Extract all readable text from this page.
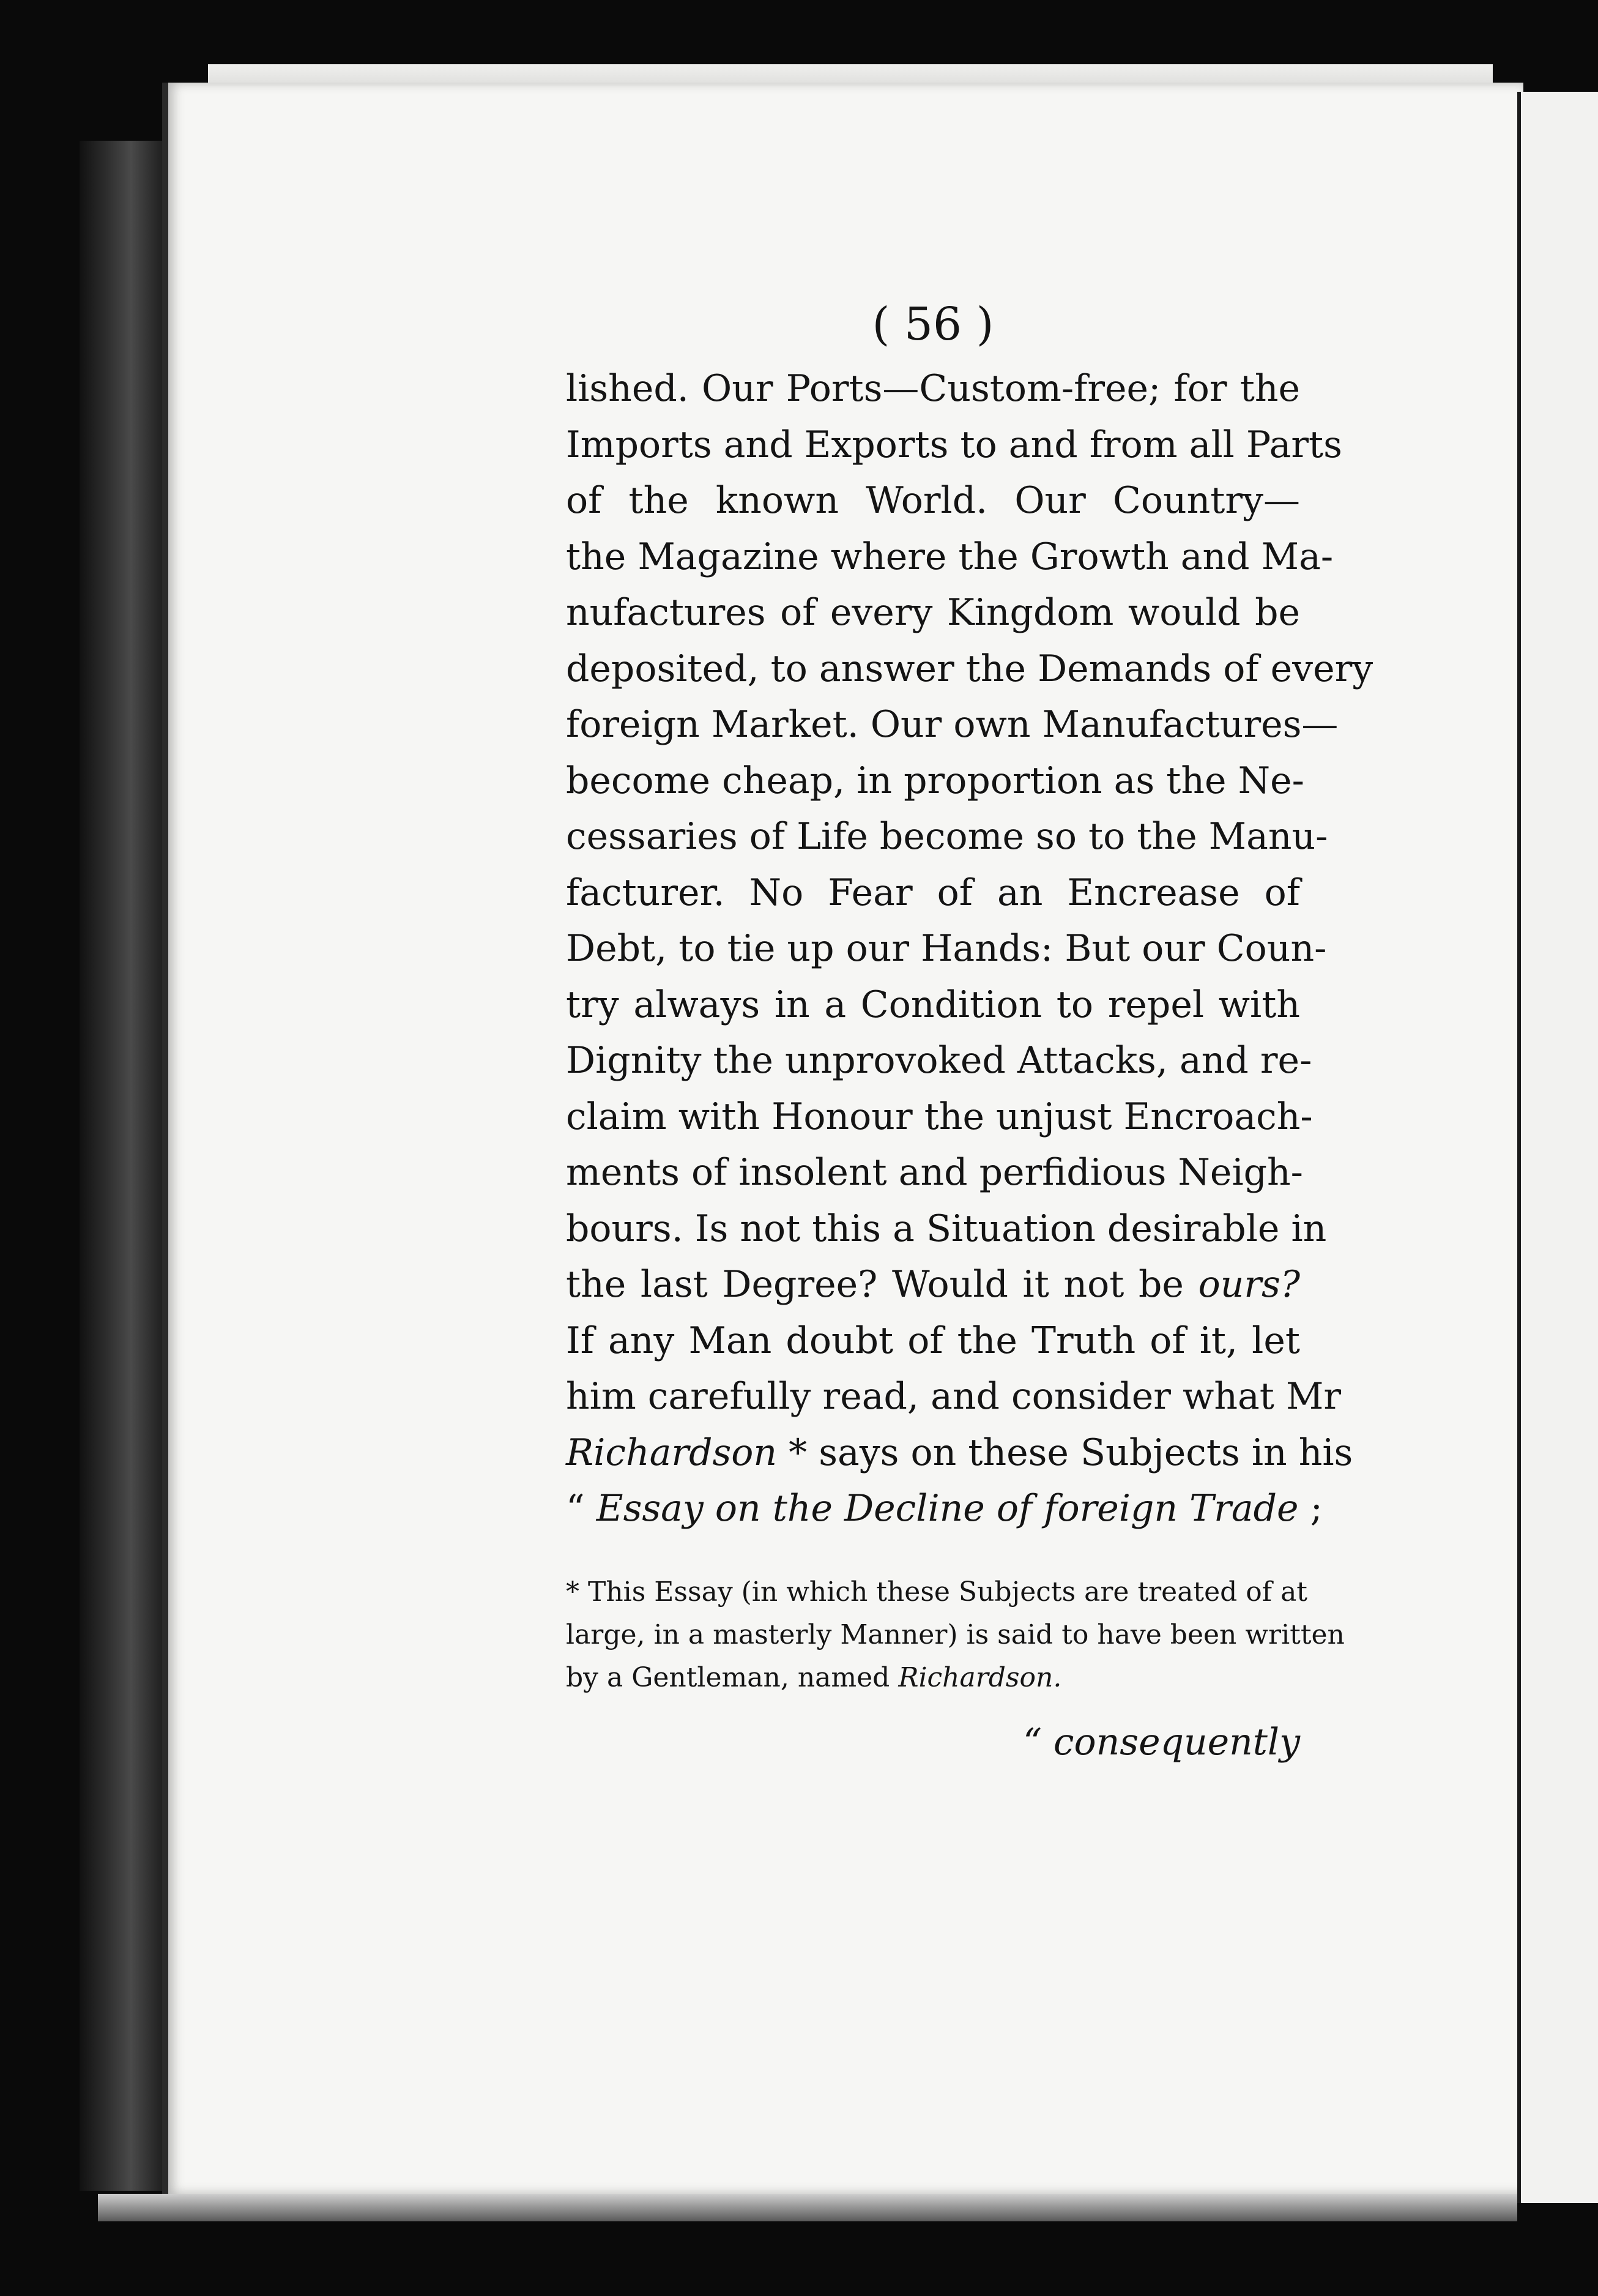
( 56 )
lished. Our Ports—Custom-free; for the
Imports and Exports to and from all Parts
of the known World. Our Country—
the Magazine where the Growth and Ma-
nufactures of every Kingdom would be
deposited, to answer the Demands of every
foreign Market. Our own Manufactures—
become cheap, in proportion as the Ne-
cessaries of Life become so to the Manu-
facturer. No Fear of an Encrease of
Debt, to tie up our Hands: But our Coun-
try always in a Condition to repel with
Dignity the unprovoked Attacks, and re-
claim with Honour the unjust Encroach-
ments of insolent and perfidious Neigh-
bours. Is not this a Situation desirable in
the last Degree? Would it not be ours?
If any Man doubt of the Truth of it, let
him carefully read, and consider what Mr
Richardson * says on these Subjects in his
“ Essay on the Decline of foreign Trade ;
* This Essay (in which these Subjects are treated of at
large, in a masterly Manner) is said to have been written
by a Gentleman, named Richardson.
“ consequently
